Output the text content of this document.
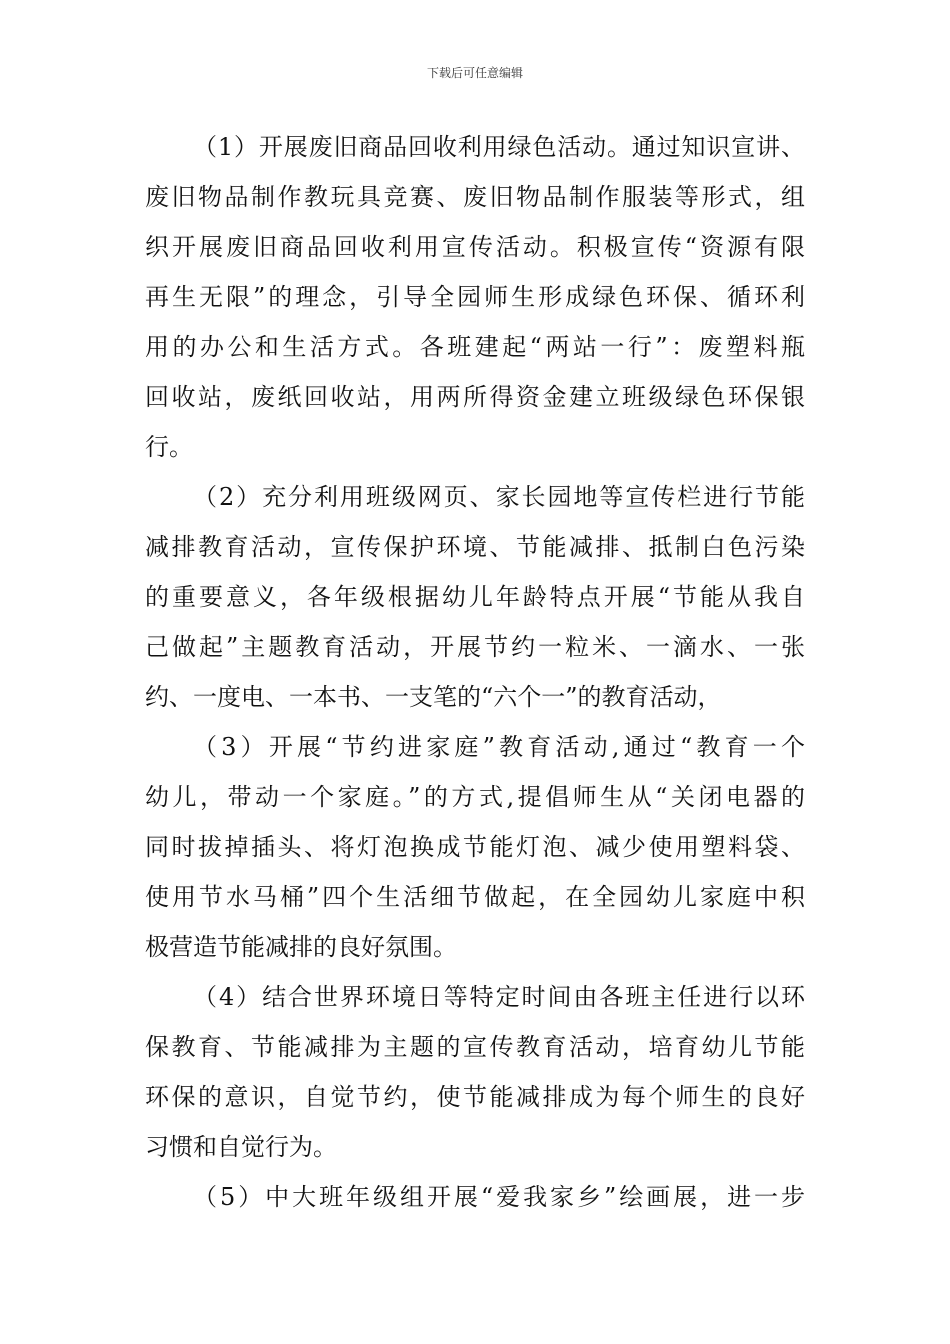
下载后可任意编辑

（1）开展废旧商品回收利用绿色活动。通过知识宣讲、
废旧物品制作教玩具竞赛、废旧物品制作服装等形式，组
织开展废旧商品回收利用宣传活动。积极宣传“资源有限
再生无限”的理念，引导全园师生形成绿色环保、循环利
用的办公和生活方式。各班建起“两站一行”：废塑料瓶
回收站，废纸回收站，用两所得资金建立班级绿色环保银
行。

（2）充分利用班级网页、家长园地等宣传栏进行节能
减排教育活动，宣传保护环境、节能减排、抵制白色污染
的重要意义，各年级根据幼儿年龄特点开展“节能从我自
己做起”主题教育活动，开展节约一粒米、一滴水、一张
约、一度电、一本书、一支笔的“六个一”的教育活动，

（3）开展“节约进家庭”教育活动,通过“教育一个
幼儿，带动一个家庭。”的方式,提倡师生从“关闭电器的
同时拔掉插头、将灯泡换成节能灯泡、减少使用塑料袋、
使用节水马桶”四个生活细节做起，在全园幼儿家庭中积
极营造节能减排的良好氛围。

（4）结合世界环境日等特定时间由各班主任进行以环
保教育、节能减排为主题的宣传教育活动，培育幼儿节能
环保的意识，自觉节约，使节能减排成为每个师生的良好
习惯和自觉行为。

（5）中大班年级组开展“爱我家乡”绘画展，进一步
